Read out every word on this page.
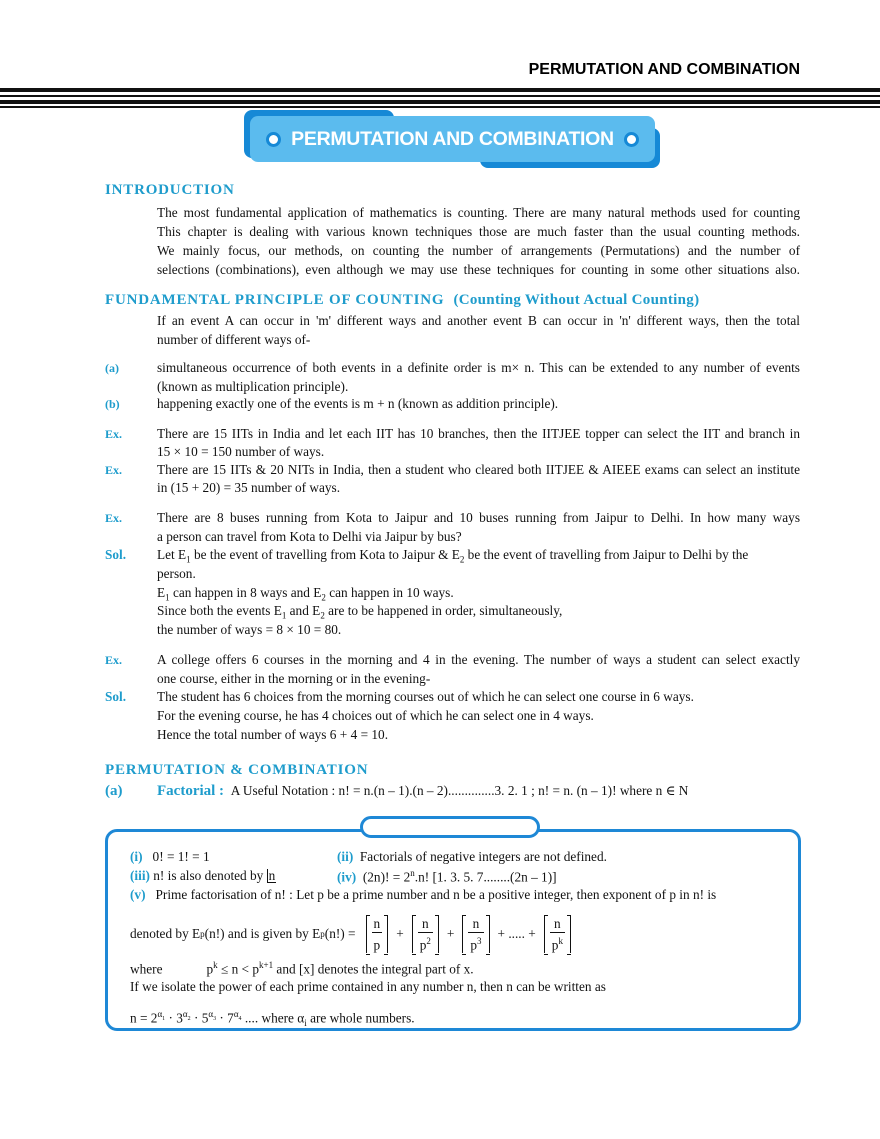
PERMUTATION AND COMBINATION
PERMUTATION AND COMBINATION
INTRODUCTION
The most fundamental application of mathematics is counting. There are many natural methods used for counting
This chapter is dealing with various known techniques those are much faster than the usual counting methods.
We mainly focus, our methods, on counting the number of arrangements (Permutations) and the number of
selections (combinations), even although we may use these techniques for counting in some other situations also.
FUNDAMENTAL PRINCIPLE OF COUNTING (Counting Without Actual Counting)
If an event A can occur in 'm' different ways and another event B can occur in 'n' different ways, then the total
number of different ways of-
(a)	simultaneous occurrence of both events in a definite order is m× n. This can be extended to any number of events
(known as multiplication principle).
(b)	happening exactly one of the events is m + n (known as addition principle).
Ex.	There are 15 IITs in India and let each IIT has 10 branches, then the IITJEE topper can select the IIT and branch in
15 × 10 = 150 number of ways.
Ex.	There are 15 IITs & 20 NITs in India, then a student who cleared both IITJEE & AIEEE exams can select an institute
in (15 + 20) = 35 number of ways.
Ex.	There are 8 buses running from Kota to Jaipur and 10 buses running from Jaipur to Delhi. In how many ways
a person can travel from Kota to Delhi via Jaipur by bus?
Sol. Let $E_1$ be the event of travelling from Kota to Jaipur & $E_2$ be the event of travelling from Jaipur to Delhi by the
person.
$E_1$ can happen in 8 ways and $E_2$ can happen in 10 ways.
Since both the events $E_1$ and $E_2$ are to be happened in order, simultaneously,
the number of ways = 8 × 10 = 80.
Ex.	A college offers 6 courses in the morning and 4 in the evening. The number of ways a student can select exactly
one course, either in the morning or in the evening-
Sol. The student has 6 choices from the morning courses out of which he can select one course in 6 ways.
For the evening course, he has 4 choices out of which he can select one in 4 ways.
Hence the total number of ways 6 + 4 = 10.
PERMUTATION & COMBINATION
(a) Factorial : A Useful Notation : n! = n.(n – 1).(n – 2)..............3. 2. 1 ; n! = n. (n – 1)! where n ∈ N
(i) 0! = 1! = 1	(ii) Factorials of negative integers are not defined.
(iii) n! is also denoted by n	(iv) (2n)! = $2^n.n$! [1. 3. 5. 7........(2n – 1)]
(v) Prime factorisation of n! : Let p be a prime number and n be a positive integer, then exponent of p in n! is
denoted by E p (n!) and is given by E p $(n!) = \frac{n}{p} + \frac{n}{p^2} + \frac{n}{p^3}$ + ..... + $\frac{n}{p^k}$
where	$p^k \le n < p^{k+1}$ and [x] denotes the integral part of x.
If we isolate the power of each prime contained in any number n, then n can be written as
$n = 2^{\alpha_1} \cdot 3^{\alpha_2} \cdot 5^{\alpha_3} \cdot 7^{\alpha_4}$ .... where $\alpha_i$ are whole numbers.
